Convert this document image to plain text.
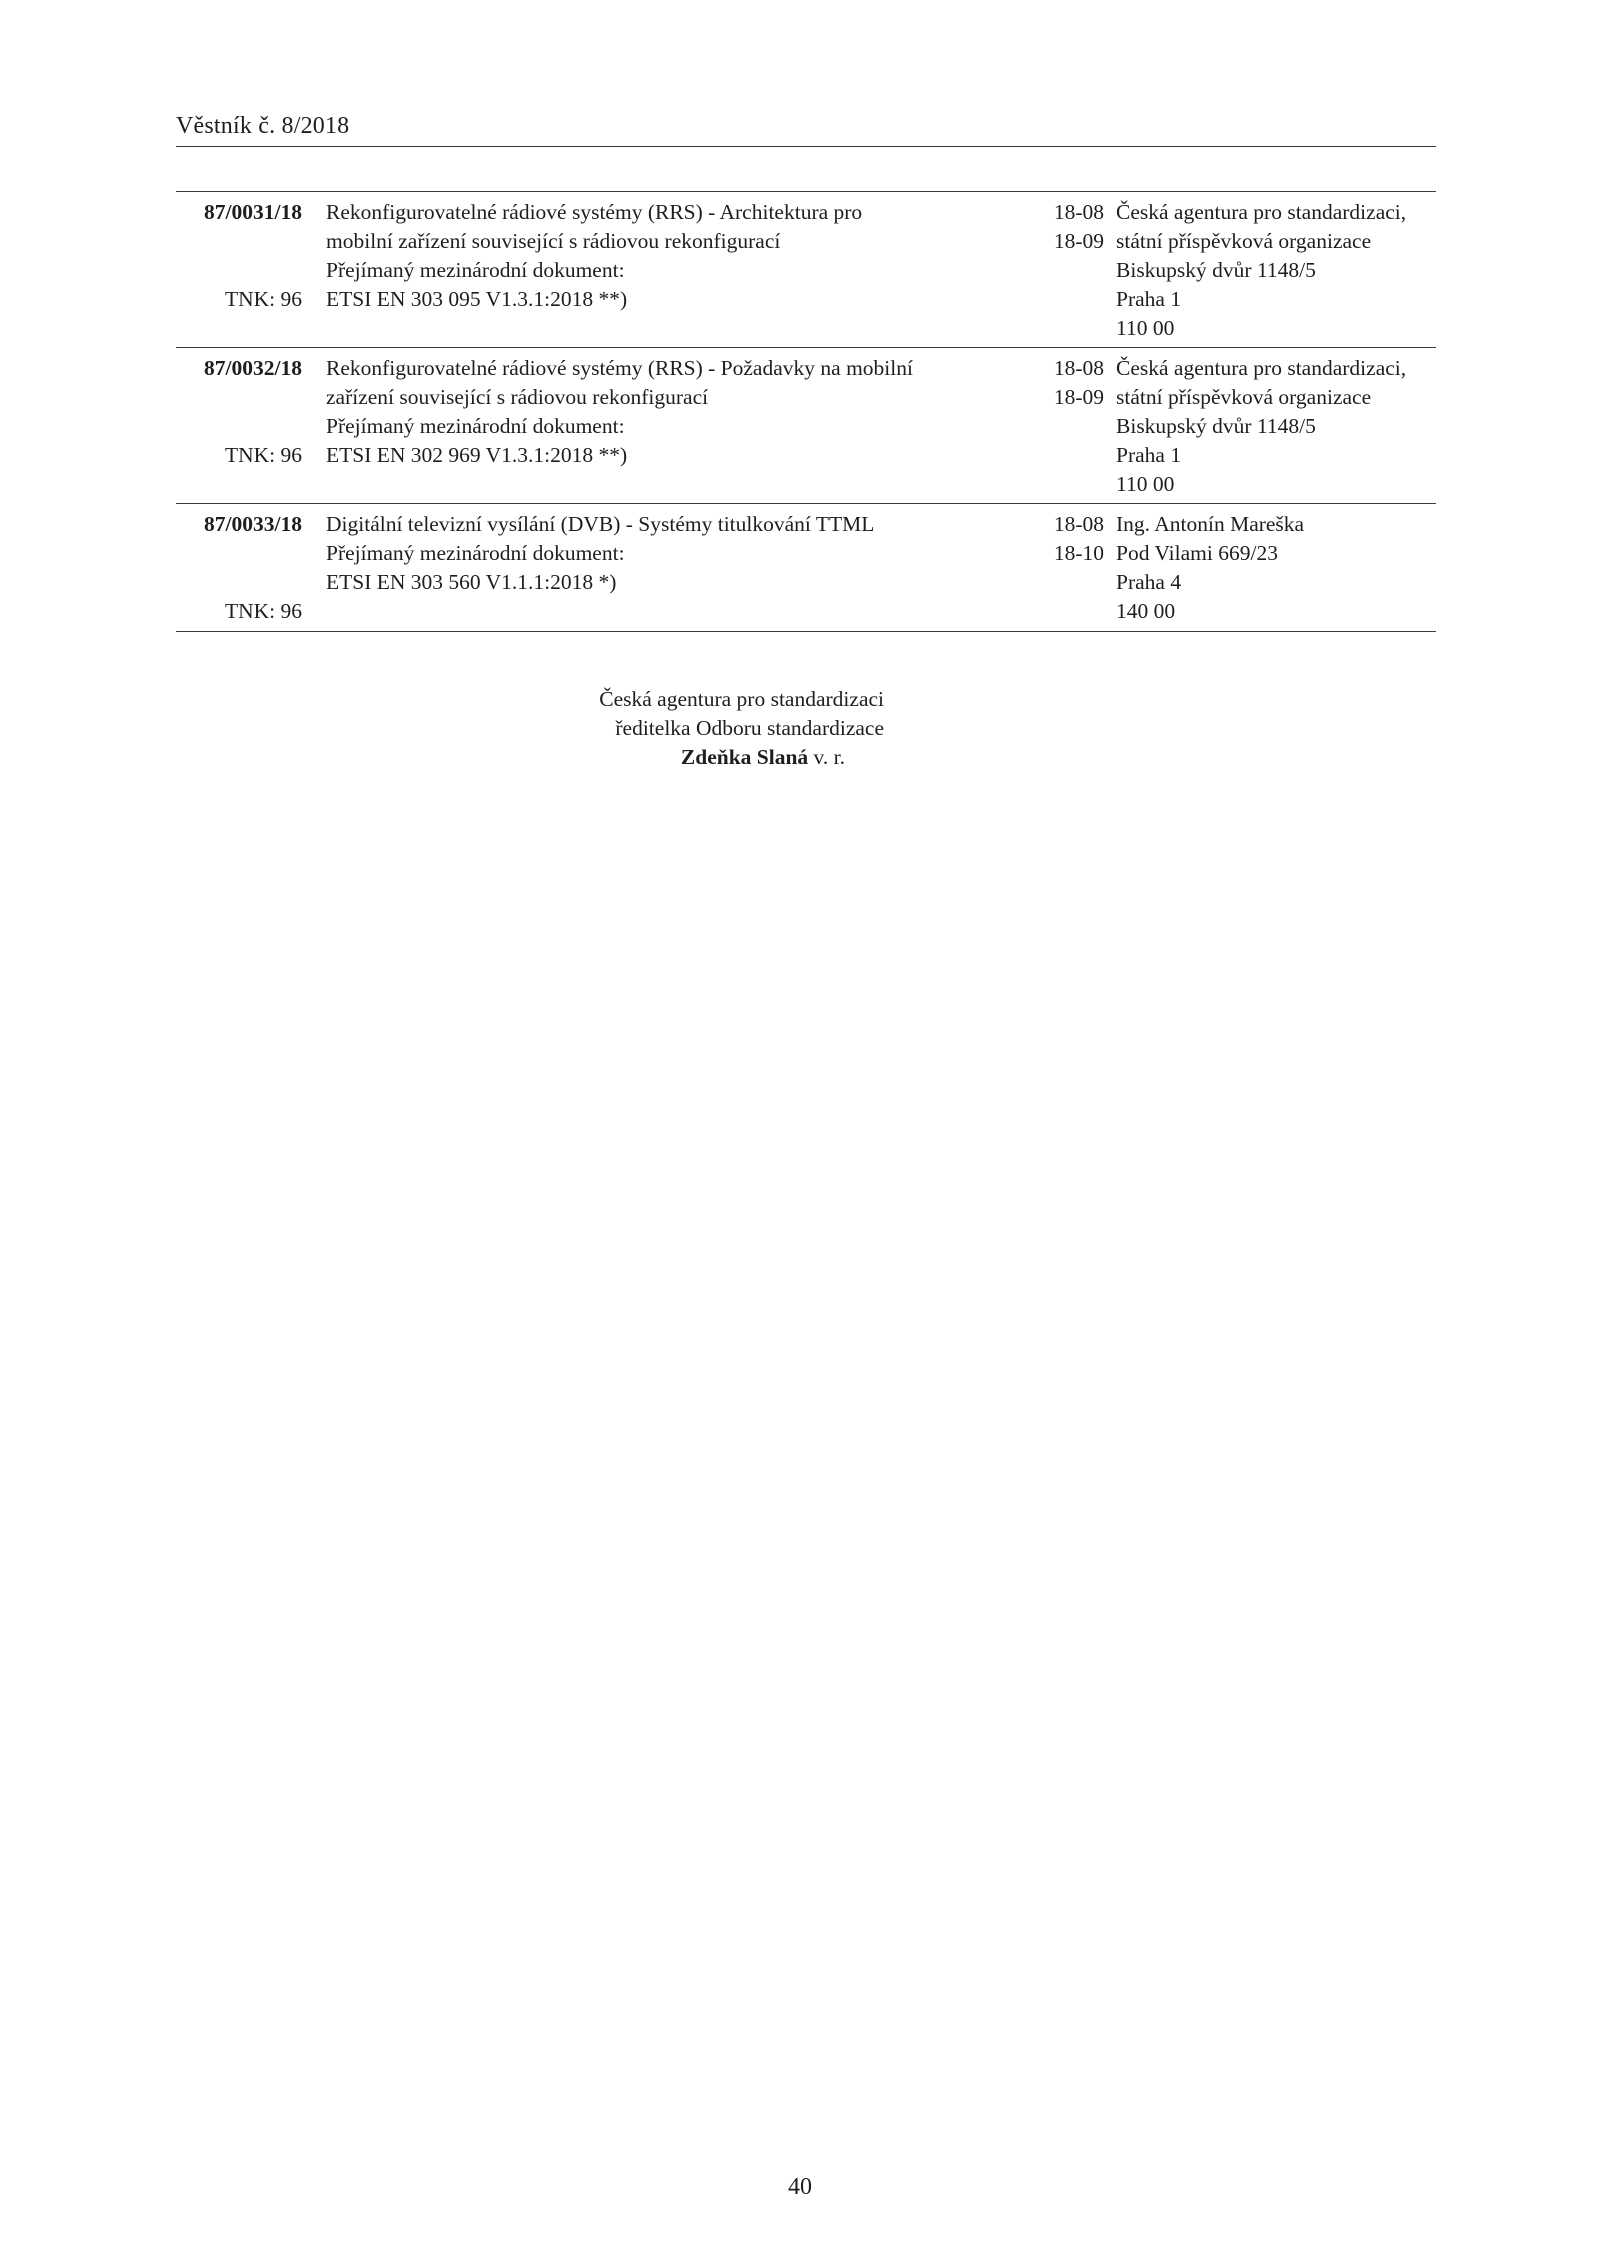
Věstník č. 8/2018
87/0031/18
TNK: 96
Rekonfigurovatelné rádiové systémy (RRS) - Architektura pro
mobilní zařízení související s rádiovou rekonfigurací
Přejímaný mezinárodní dokument:
ETSI EN 303 095 V1.3.1:2018 **)
18-08
18-09
Česká agentura pro standardizaci,
státní příspěvková organizace
Biskupský dvůr 1148/5
Praha 1
110 00
87/0032/18
TNK: 96
Rekonfigurovatelné rádiové systémy (RRS) - Požadavky na mobilní
zařízení související s rádiovou rekonfigurací
Přejímaný mezinárodní dokument:
ETSI EN 302 969 V1.3.1:2018 **)
18-08
18-09
Česká agentura pro standardizaci,
státní příspěvková organizace
Biskupský dvůr 1148/5
Praha 1
110 00
87/0033/18
TNK: 96
Digitální televizní vysílání (DVB) - Systémy titulkování TTML
Přejímaný mezinárodní dokument:
ETSI EN 303 560 V1.1.1:2018 *)
18-08
18-10
Ing. Antonín Mareška
Pod Vilami 669/23
Praha 4
140 00
Česká agentura pro standardizaci
ředitelka Odboru standardizace
Zdeňka Slaná v. r.
40
